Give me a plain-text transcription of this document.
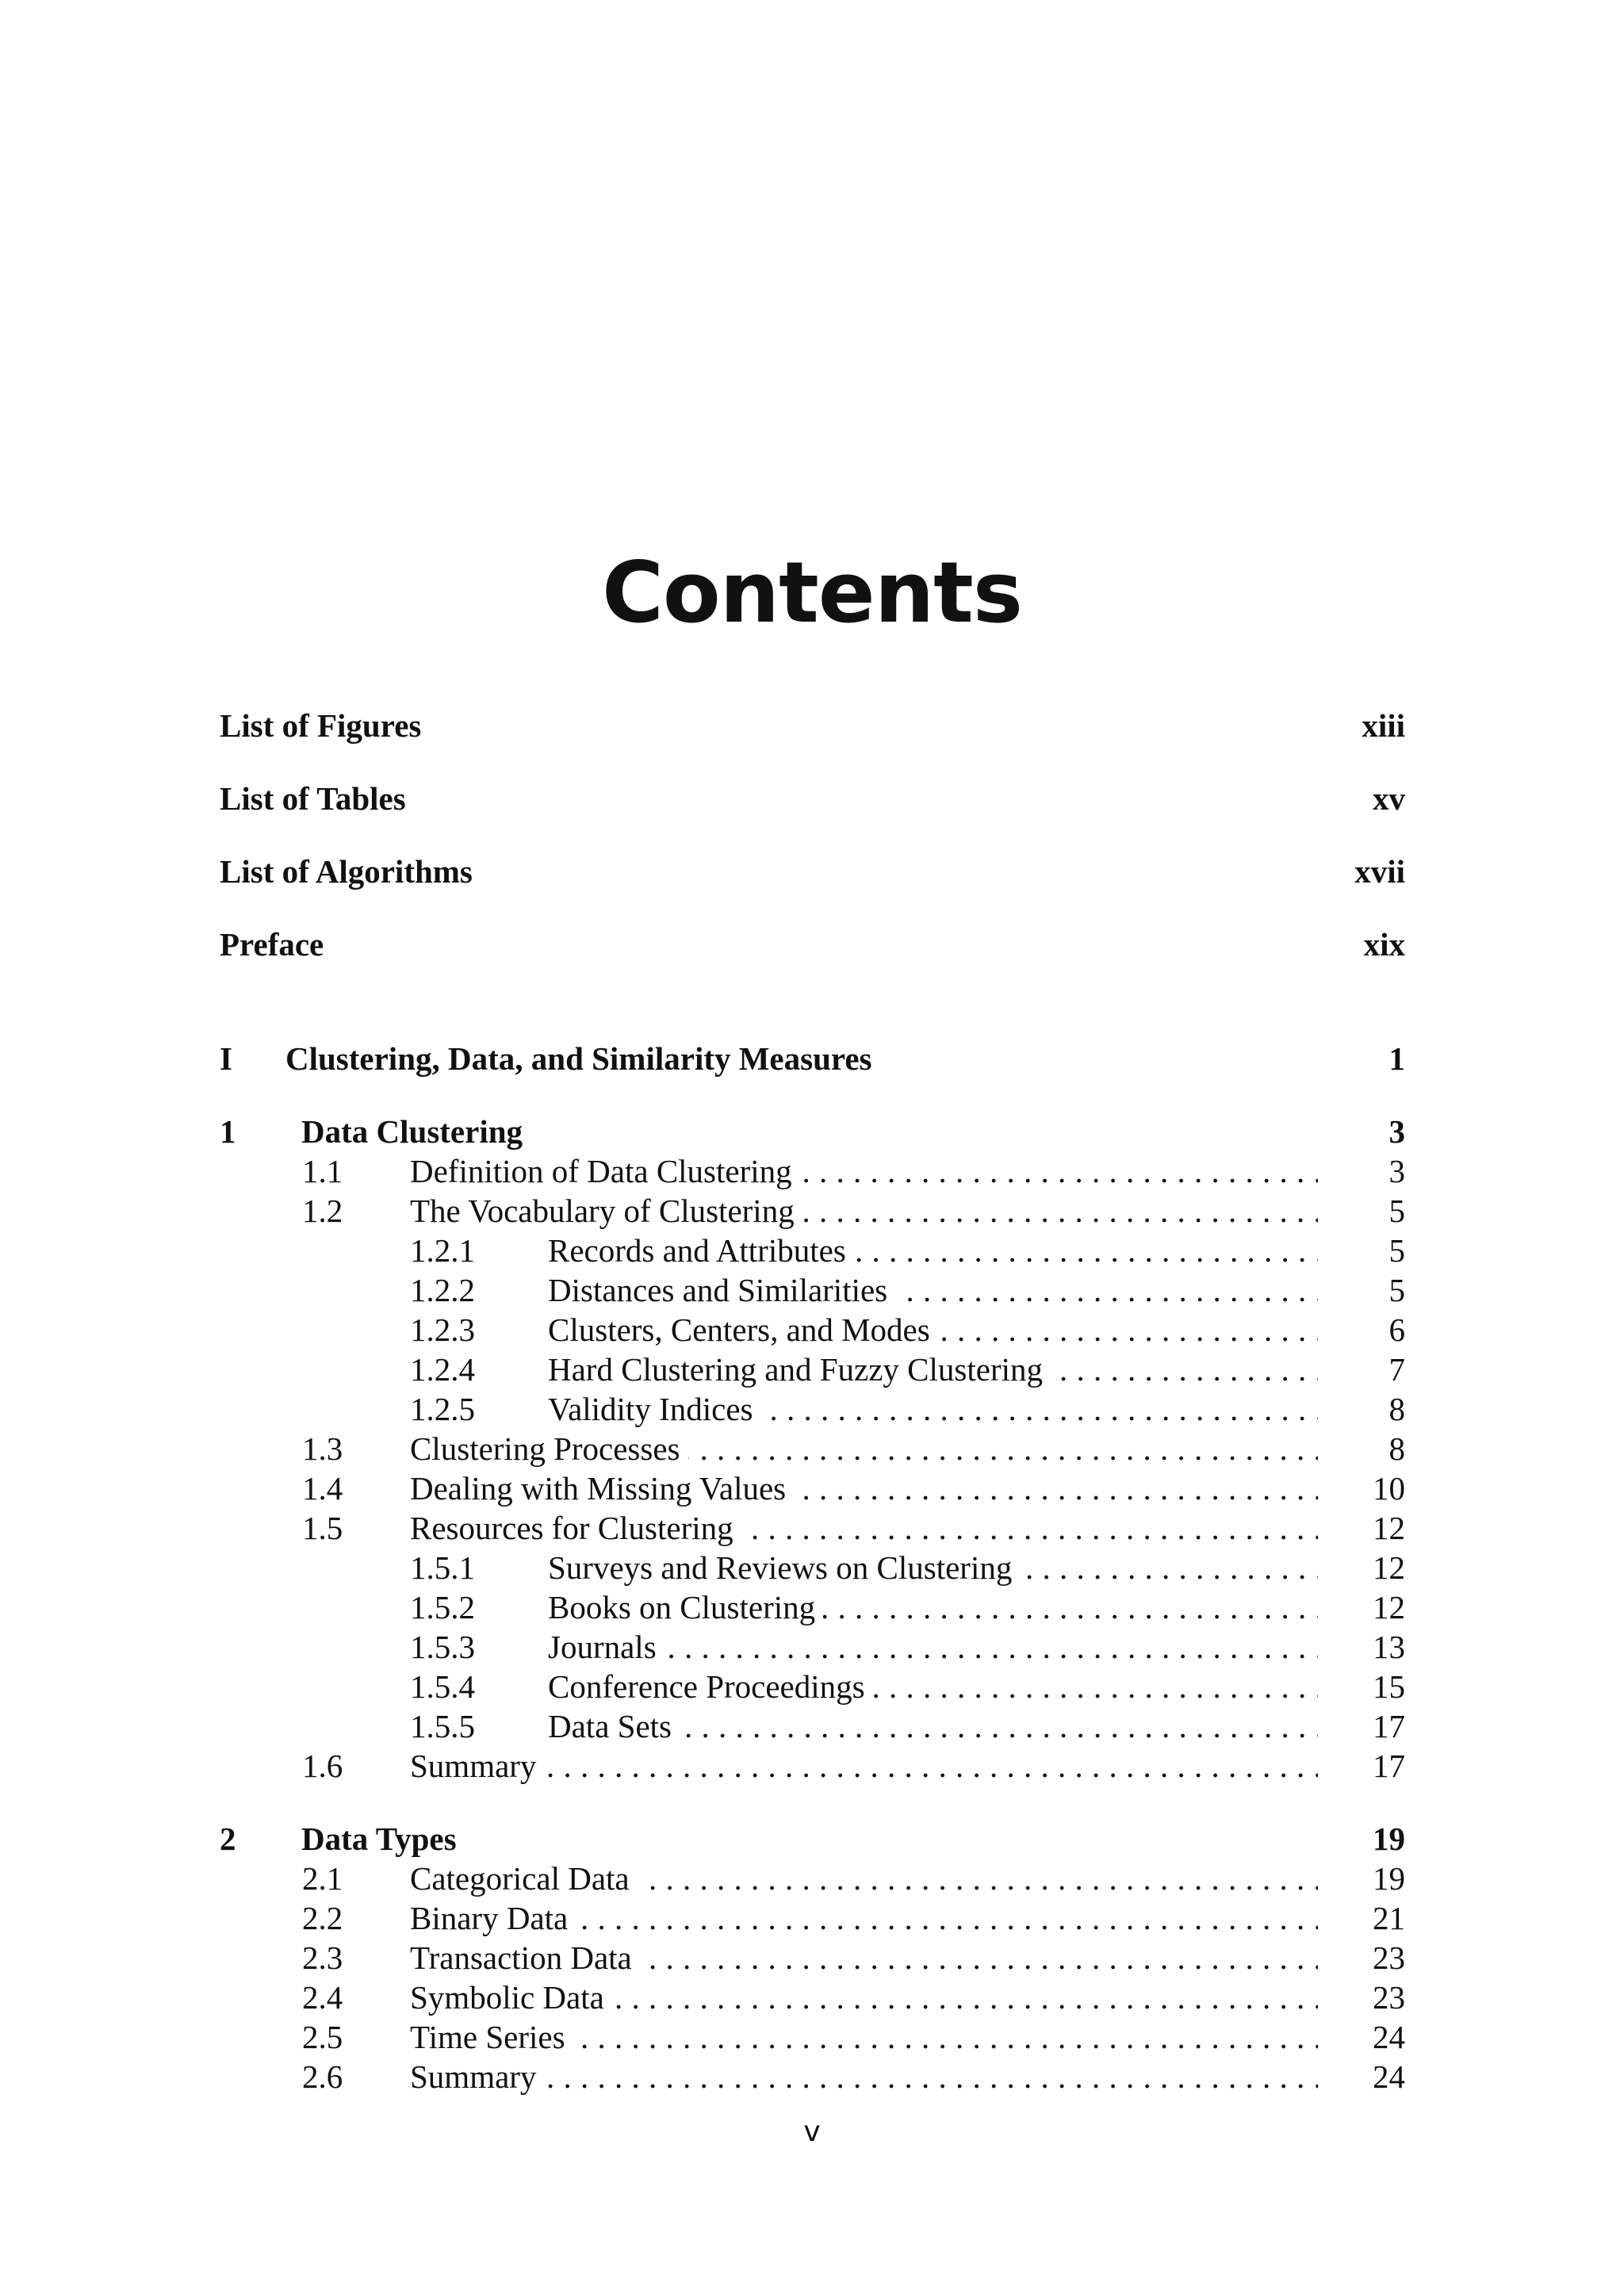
Contents
List of Figures	xiii
List of Tables	xv
List of Algorithms	xvii
Preface	xix
I Clustering, Data, and Similarity Measures	1
1 Data Clustering	3
1.1 Definition of Data Clustering . . .	3
1.2 The Vocabulary of Clustering . . .	5
1.2.1 Records and Attributes . . .	5
1.2.2 Distances and Similarities . . .	5
1.2.3 Clusters, Centers, and Modes . . .	6
1.2.4 Hard Clustering and Fuzzy Clustering . . .	7
1.2.5 Validity Indices . . .	8
1.3 Clustering Processes . . .	8
1.4 Dealing with Missing Values . . .	10
1.5 Resources for Clustering . . .	12
1.5.1 Surveys and Reviews on Clustering . . .	12
1.5.2 Books on Clustering . . .	12
1.5.3 Journals . . .	13
1.5.4 Conference Proceedings . . .	15
1.5.5 Data Sets . . .	17
1.6 Summary . . .	17
2 Data Types	19
2.1 Categorical Data . . .	19
2.2 Binary Data . . .	21
2.3 Transaction Data . . .	23
2.4 Symbolic Data . . .	23
2.5 Time Series . . .	24
2.6 Summary . . .	24
v
